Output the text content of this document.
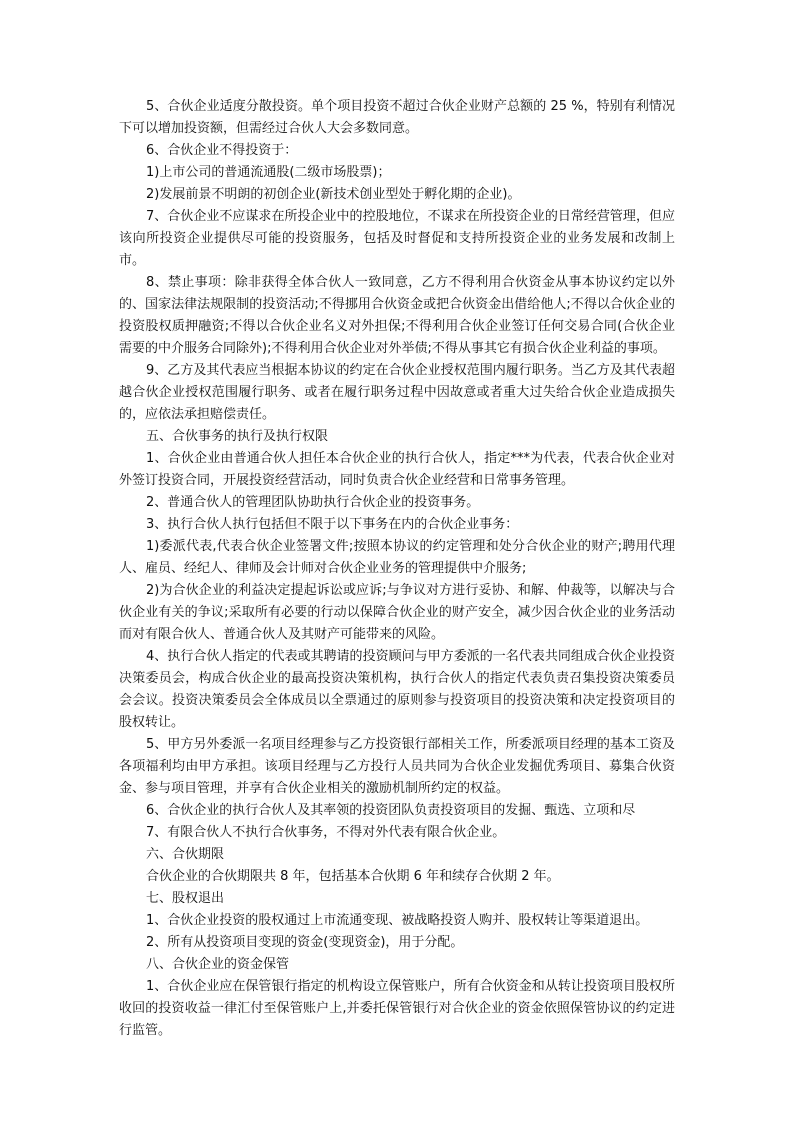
5、合伙企业适度分散投资。单个项目投资不超过合伙企业财产总额的 25 %，特别有利情况下可以增加投资额，但需经过合伙人大会多数同意。

6、合伙企业不得投资于：

1)上市公司的普通流通股(二级市场股票)；

2)发展前景不明朗的初创企业(新技术创业型处于孵化期的企业)。

7、合伙企业不应谋求在所投企业中的控股地位，不谋求在所投资企业的日常经营管理，但应该向所投资企业提供尽可能的投资服务，包括及时督促和支持所投资企业的业务发展和改制上市。

8、禁止事项：除非获得全体合伙人一致同意，乙方不得利用合伙资金从事本协议约定以外的、国家法律法规限制的投资活动;不得挪用合伙资金或把合伙资金出借给他人;不得以合伙企业的投资股权质押融资;不得以合伙企业名义对外担保;不得利用合伙企业签订任何交易合同(合伙企业需要的中介服务合同除外);不得利用合伙企业对外举债;不得从事其它有损合伙企业利益的事项。

9、乙方及其代表应当根据本协议的约定在合伙企业授权范围内履行职务。当乙方及其代表超越合伙企业授权范围履行职务、或者在履行职务过程中因故意或者重大过失给合伙企业造成损失的，应依法承担赔偿责任。

五、合伙事务的执行及执行权限

1、合伙企业由普通合伙人担任本合伙企业的执行合伙人，指定***为代表，代表合伙企业对外签订投资合同，开展投资经营活动，同时负责合伙企业经营和日常事务管理。

2、普通合伙人的管理团队协助执行合伙企业的投资事务。

3、执行合伙人执行包括但不限于以下事务在内的合伙企业事务：

1)委派代表,代表合伙企业签署文件;按照本协议的约定管理和处分合伙企业的财产;聘用代理人、雇员、经纪人、律师及会计师对合伙企业业务的管理提供中介服务;

2)为合伙企业的利益决定提起诉讼或应诉;与争议对方进行妥协、和解、仲裁等，以解决与合伙企业有关的争议;采取所有必要的行动以保障合伙企业的财产安全，减少因合伙企业的业务活动而对有限合伙人、普通合伙人及其财产可能带来的风险。

4、执行合伙人指定的代表或其聘请的投资顾问与甲方委派的一名代表共同组成合伙企业投资决策委员会，构成合伙企业的最高投资决策机构，执行合伙人的指定代表负责召集投资决策委员会会议。投资决策委员会全体成员以全票通过的原则参与投资项目的投资决策和决定投资项目的股权转让。

5、甲方另外委派一名项目经理参与乙方投资银行部相关工作，所委派项目经理的基本工资及各项福利均由甲方承担。该项目经理与乙方投行人员共同为合伙企业发掘优秀项目、募集合伙资金、参与项目管理，并享有合伙企业相关的激励机制所约定的权益。

6、合伙企业的执行合伙人及其率领的投资团队负责投资项目的发掘、甄选、立项和尽

7、有限合伙人不执行合伙事务，不得对外代表有限合伙企业。

六、合伙期限

合伙企业的合伙期限共 8 年，包括基本合伙期 6 年和续存合伙期 2 年。

七、股权退出

1、合伙企业投资的股权通过上市流通变现、被战略投资人购并、股权转让等渠道退出。

2、所有从投资项目变现的资金(变现资金)，用于分配。

八、合伙企业的资金保管

1、合伙企业应在保管银行指定的机构设立保管账户，所有合伙资金和从转让投资项目股权所收回的投资收益一律汇付至保管账户上,并委托保管银行对合伙企业的资金依照保管协议的约定进行监管。
